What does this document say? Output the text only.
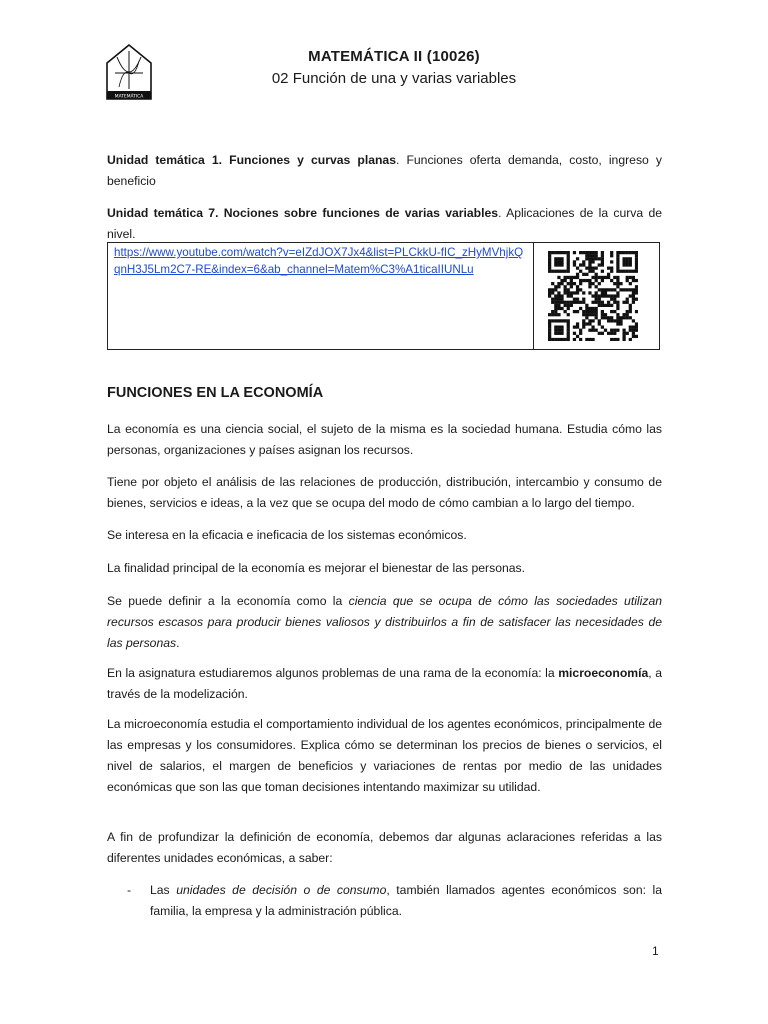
MATEMÁTICA
MATEMÁTICA II (10026)
02 Función de una y varias variables
Unidad temática 1. Funciones y curvas planas. Funciones oferta demanda, costo, ingreso y beneficio
Unidad temática 7. Nociones sobre funciones de varias variables. Aplicaciones de la curva de nivel.
https://www.youtube.com/watch?v=eIZdJOX7Jx4&list=PLCkkU-fIC_zHyMVhjkQqnH3J5Lm2C7-RE&index=6&ab_channel=Matem%C3%A1ticaIIUNLu
FUNCIONES EN LA ECONOMÍA
La economía es una ciencia social, el sujeto de la misma es la sociedad humana. Estudia cómo las personas, organizaciones y países asignan los recursos.
Tiene por objeto el análisis de las relaciones de producción, distribución, intercambio y consumo de bienes, servicios e ideas, a la vez que se ocupa del modo de cómo cambian a lo largo del tiempo.
Se interesa en la eficacia e ineficacia de los sistemas económicos.
La finalidad principal de la economía es mejorar el bienestar de las personas.
Se puede definir a la economía como la ciencia que se ocupa de cómo las sociedades utilizan recursos escasos para producir bienes valiosos y distribuirlos a fin de satisfacer las necesidades de las personas.
En la asignatura estudiaremos algunos problemas de una rama de la economía: la microeconomía, a través de la modelización.
La microeconomía estudia el comportamiento individual de los agentes económicos, principalmente de las empresas y los consumidores. Explica cómo se determinan los precios de bienes o servicios, el nivel de salarios, el margen de beneficios y variaciones de rentas por medio de las unidades económicas que son las que toman decisiones intentando maximizar su utilidad.
A fin de profundizar la definición de economía, debemos dar algunas aclaraciones referidas a las diferentes unidades económicas, a saber:
- Las unidades de decisión o de consumo, también llamados agentes económicos son: la familia, la empresa y la administración pública.
1
